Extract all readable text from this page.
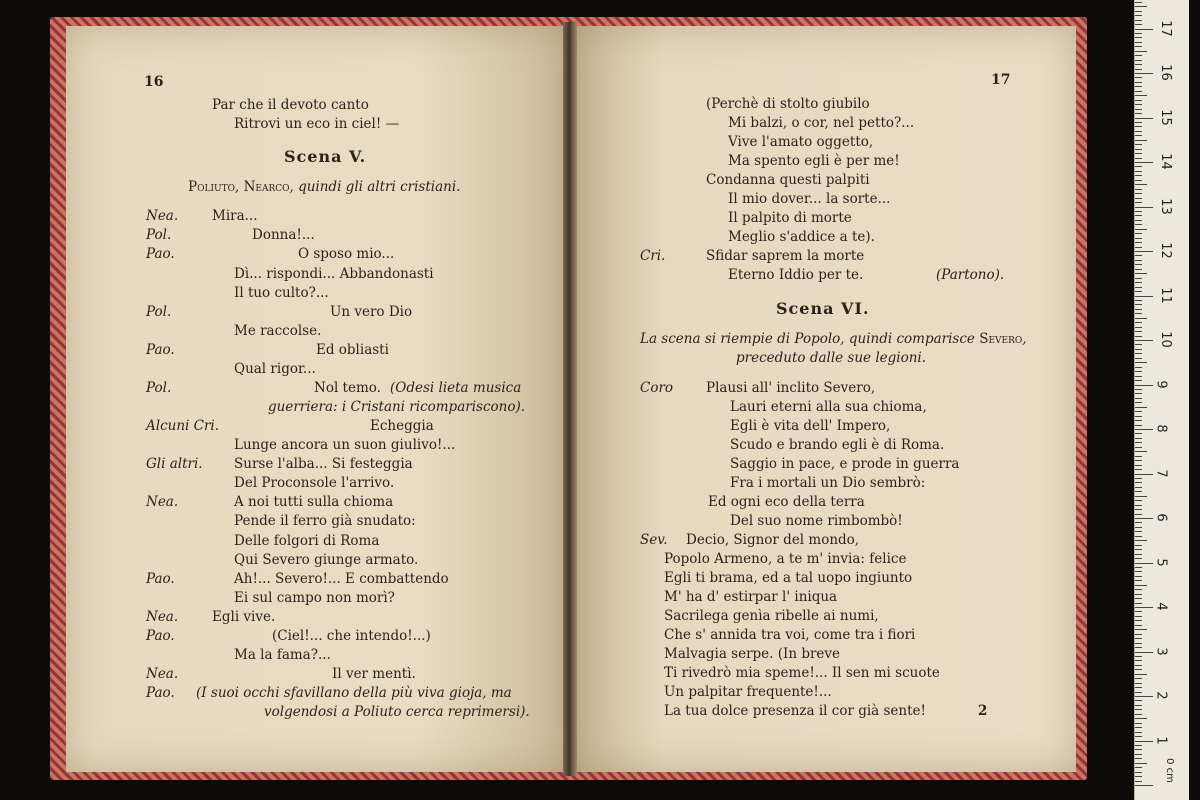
16
Par che il devoto canto
Ritrovi un eco in ciel! —
Scena V.
Poliuto, Nearco, quindi gli altri cristiani.
Nea.	Mira...
Pol.	Donna!...
Pao.	O sposo mio...
Dì... rispondi... Abbandonasti
Il tuo culto?...
Pol.	Un vero Dio
Me raccolse.
Pao.	Ed obliasti
Qual rigor...
Pol.	Nol temo. (Odesi lieta musica
guerriera: i Cristani ricompariscono).
Alcuni Cri.	Echeggia
Lunge ancora un suon giulivo!...
Gli altri. Surse l'alba... Si festeggia
Del Proconsole l'arrivo.
Nea.	A noi tutti sulla chioma
Pende il ferro già snudato:
Delle folgori di Roma
Qui Severo giunge armato.
Pao.	Ah!... Severo!... E combattendo
Ei sul campo non morì?
Nea.	Egli vive.
Pao.	(Ciel!... che intendo!...)
Ma la fama?...
Nea.	Il ver mentì.
Pao. (I suoi occhi sfavillano della più viva gioja, ma
volgendosi a Poliuto cerca reprimersi).
17
(Perchè di stolto giubilo
Mi balzi, o cor, nel petto?...
Vive l'amato oggetto,
Ma spento egli è per me!
Condanna questi palpiti
Il mio dover... la sorte...
Il palpito di morte
Meglio s'addice a te).
Cri.	Sfidar saprem la morte
Eterno Iddio per te.	(Partono).
Scena VI.
La scena si riempie di Popolo, quindi comparisce Severo,
preceduto dalle sue legioni.
Coro Plausi all' inclito Severo,
Lauri eterni alla sua chioma,
Egli è vita dell' Impero,
Scudo e brando egli è di Roma.
Saggio in pace, e prode in guerra
Fra i mortali un Dio sembrò:
Ed ogni eco della terra
Del suo nome rimbombò!
Sev. Decio, Signor del mondo,
Popolo Armeno, a te m' invia: felice
Egli ti brama, ed a tal uopo ingiunto
M' ha d' estirpar l' iniqua
Sacrilega genìa ribelle ai numi,
Che s' annida tra voi, come tra i fiori
Malvagia serpe. (In breve
Ti rivedrò mia speme!... Il sen mi scuote
Un palpitar frequente!...
La tua dolce presenza il cor già sente!	2
17
16
15
14
13
12
11
10
9
8
7
6
5
4
3
2
1
0 cm
